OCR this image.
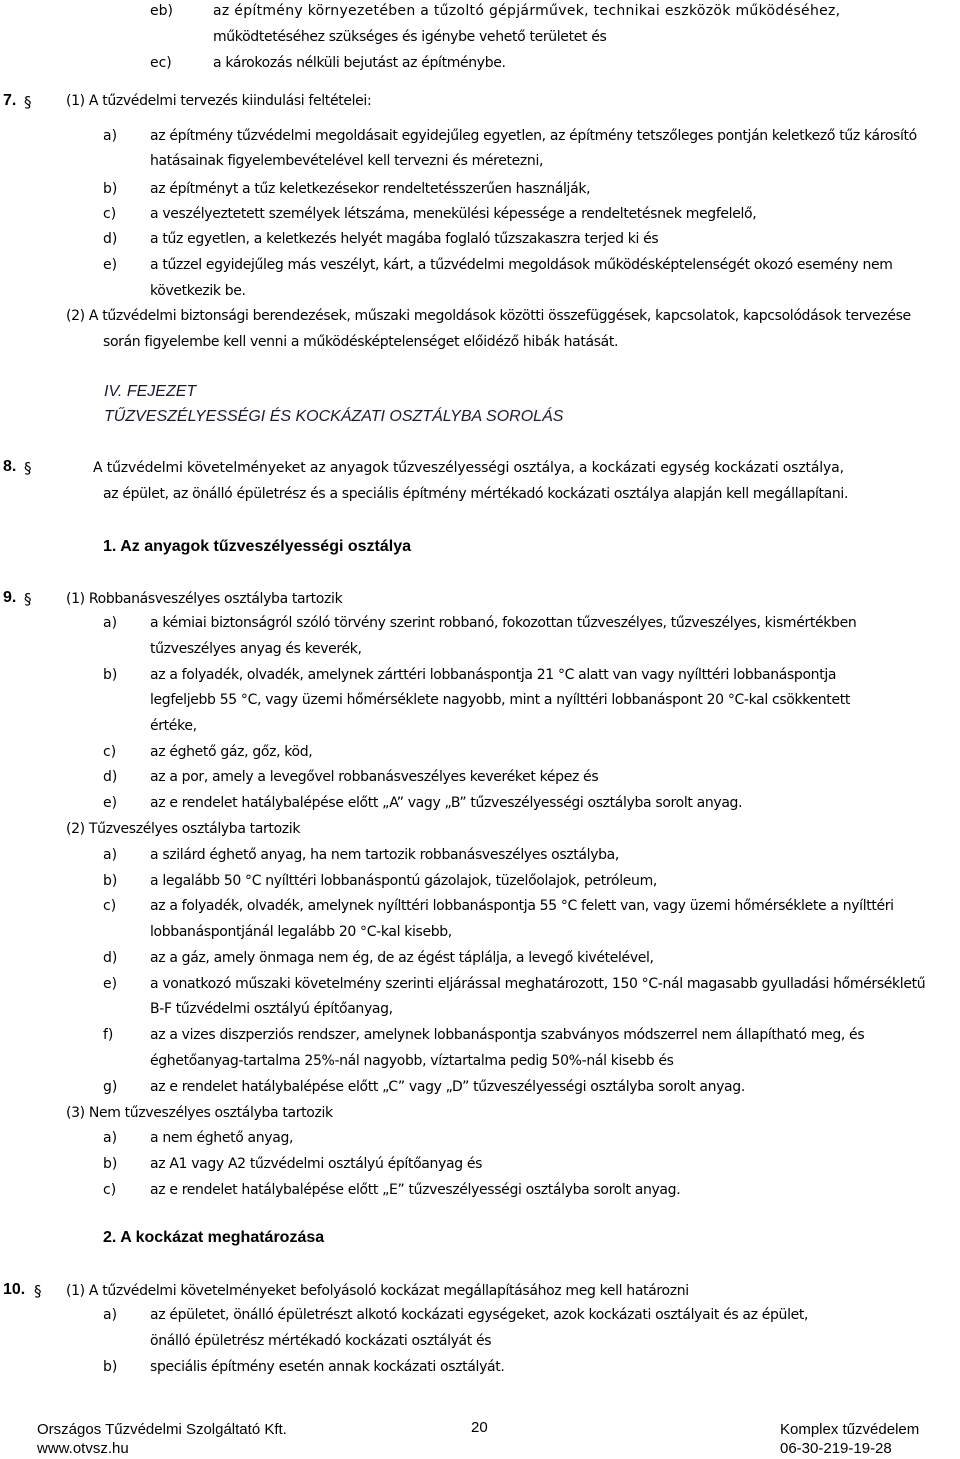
eb)	az építmény környezetében a tűzoltó gépjárművek, technikai eszközök működéséhez,
működtetéséhez szükséges és igénybe vehető területet és
ec)	a károkozás nélküli bejutást az építménybe.
7. § (1) A tűzvédelmi tervezés kiindulási feltételei:
a) az építmény tűzvédelmi megoldásait egyidejűleg egyetlen, az építmény tetszőleges pontján keletkező tűz károsító
hatásainak figyelembevételével kell tervezni és méretezni,
b) az építményt a tűz keletkezésekor rendeltetésszerűen használják,
c) a veszélyeztetett személyek létszáma, menekülési képessége a rendeltetésnek megfelelő,
d) a tűz egyetlen, a keletkezés helyét magába foglaló tűzszakaszra terjed ki és
e) a tűzzel egyidejűleg más veszélyt, kárt, a tűzvédelmi megoldások működésképtelenségét okozó esemény nem
következik be.
(2) A tűzvédelmi biztonsági berendezések, műszaki megoldások közötti összefüggések, kapcsolatok, kapcsolódások tervezése
során figyelembe kell venni a működésképtelenséget előidéző hibák hatását.
IV. FEJEZET
TŰZVESZÉLYESSÉGI ÉS KOCKÁZATI OSZTÁLYBA SOROLÁS
8. §	A tűzvédelmi követelményeket az anyagok tűzveszélyességi osztálya, a kockázati egység kockázati osztálya,
az épület, az önálló épületrész és a speciális építmény mértékadó kockázati osztálya alapján kell megállapítani.
1. Az anyagok tűzveszélyességi osztálya
9. § (1) Robbanásveszélyes osztályba tartozik
a) a kémiai biztonságról szóló törvény szerint robbanó, fokozottan tűzveszélyes, tűzveszélyes, kismértékben
tűzveszélyes anyag és keverék,
b) az a folyadék, olvadék, amelynek zárttéri lobbanáspontja 21 °C alatt van vagy nyílttéri lobbanáspontja
legfeljebb 55 °C, vagy üzemi hőmérséklete nagyobb, mint a nyílttéri lobbanáspont 20 °C-kal csökkentett
értéke,
c) az éghető gáz, gőz, köd,
d) az a por, amely a levegővel robbanásveszélyes keveréket képez és
e) az e rendelet hatálybalépése előtt „A” vagy „B” tűzveszélyességi osztályba sorolt anyag.
(2) Tűzveszélyes osztályba tartozik
a) a szilárd éghető anyag, ha nem tartozik robbanásveszélyes osztályba,
b) a legalább 50 °C nyílttéri lobbanáspontú gázolajok, tüzelőolajok, petróleum,
c) az a folyadék, olvadék, amelynek nyílttéri lobbanáspontja 55 °C felett van, vagy üzemi hőmérséklete a nyílttéri
lobbanáspontjánál legalább 20 °C-kal kisebb,
d) az a gáz, amely önmaga nem ég, de az égést táplálja, a levegő kivételével,
e) a vonatkozó műszaki követelmény szerinti eljárással meghatározott, 150 °C-nál magasabb gyulladási hőmérsékletű
B-F tűzvédelmi osztályú építőanyag,
f)	az a vizes diszperziós rendszer, amelynek lobbanáspontja szabványos módszerrel nem állapítható meg, és
éghetőanyag-tartalma 25%-nál nagyobb, víztartalma pedig 50%-nál kisebb és
g) az e rendelet hatálybalépése előtt „C” vagy „D” tűzveszélyességi osztályba sorolt anyag.
(3) Nem tűzveszélyes osztályba tartozik
a) a nem éghető anyag,
b) az A1 vagy A2 tűzvédelmi osztályú építőanyag és
c) az e rendelet hatálybalépése előtt „E” tűzveszélyességi osztályba sorolt anyag.
2. A kockázat meghatározása
10. § (1) A tűzvédelmi követelményeket befolyásoló kockázat megállapításához meg kell határozni
a) az épületet, önálló épületrészt alkotó kockázati egységeket, azok kockázati osztályait és az épület,
önálló épületrész mértékadó kockázati osztályát és
b) speciális építmény esetén annak kockázati osztályát.
Országos Tűzvédelmi Szolgáltató Kft.
www.otvsz.hu
20	Komplex tűzvédelem
06-30-219-19-28
